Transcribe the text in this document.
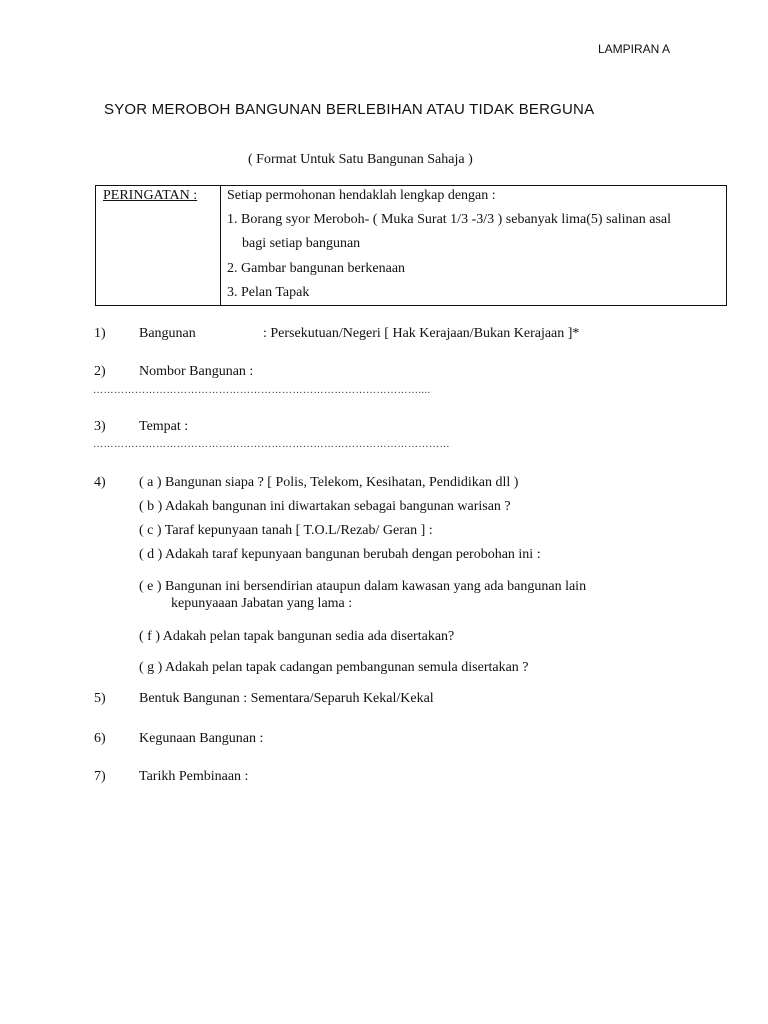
LAMPIRAN A
SYOR MEROBOH BANGUNAN BERLEBIHAN ATAU TIDAK BERGUNA
( Format Untuk Satu Bangunan Sahaja )
PERINGATAN : Setiap permohonan hendaklah lengkap dengan :
1. Borang syor Meroboh- ( Muka Surat 1/3 -3/3 ) sebanyak lima(5) salinan asal
bagi setiap bangunan
2. Gambar bangunan berkenaan
3. Pelan Tapak
1) Bangunan	: Persekutuan/Negeri [ Hak Kerajaan/Bukan Kerajaan ]*
2) Nombor Bangunan :
…………………………………………………………………………………....
3) Tempat :
…………………………………………………………………………………………
4) ( a ) Bangunan siapa ? [ Polis, Telekom, Kesihatan, Pendidikan dll )
( b ) Adakah bangunan ini diwartakan sebagai bangunan warisan ?
( c ) Taraf kepunyaan tanah [ T.O.L/Rezab/ Geran ] :
( d ) Adakah taraf kepunyaan bangunan berubah dengan perobohan ini :
( e ) Bangunan ini bersendirian ataupun dalam kawasan yang ada bangunan lain
kepunyaaan Jabatan yang lama :
( f ) Adakah pelan tapak bangunan sedia ada disertakan?
( g ) Adakah pelan tapak cadangan pembangunan semula disertakan ?
5) Bentuk Bangunan : Sementara/Separuh Kekal/Kekal
6) Kegunaan Bangunan :
7) Tarikh Pembinaan :
